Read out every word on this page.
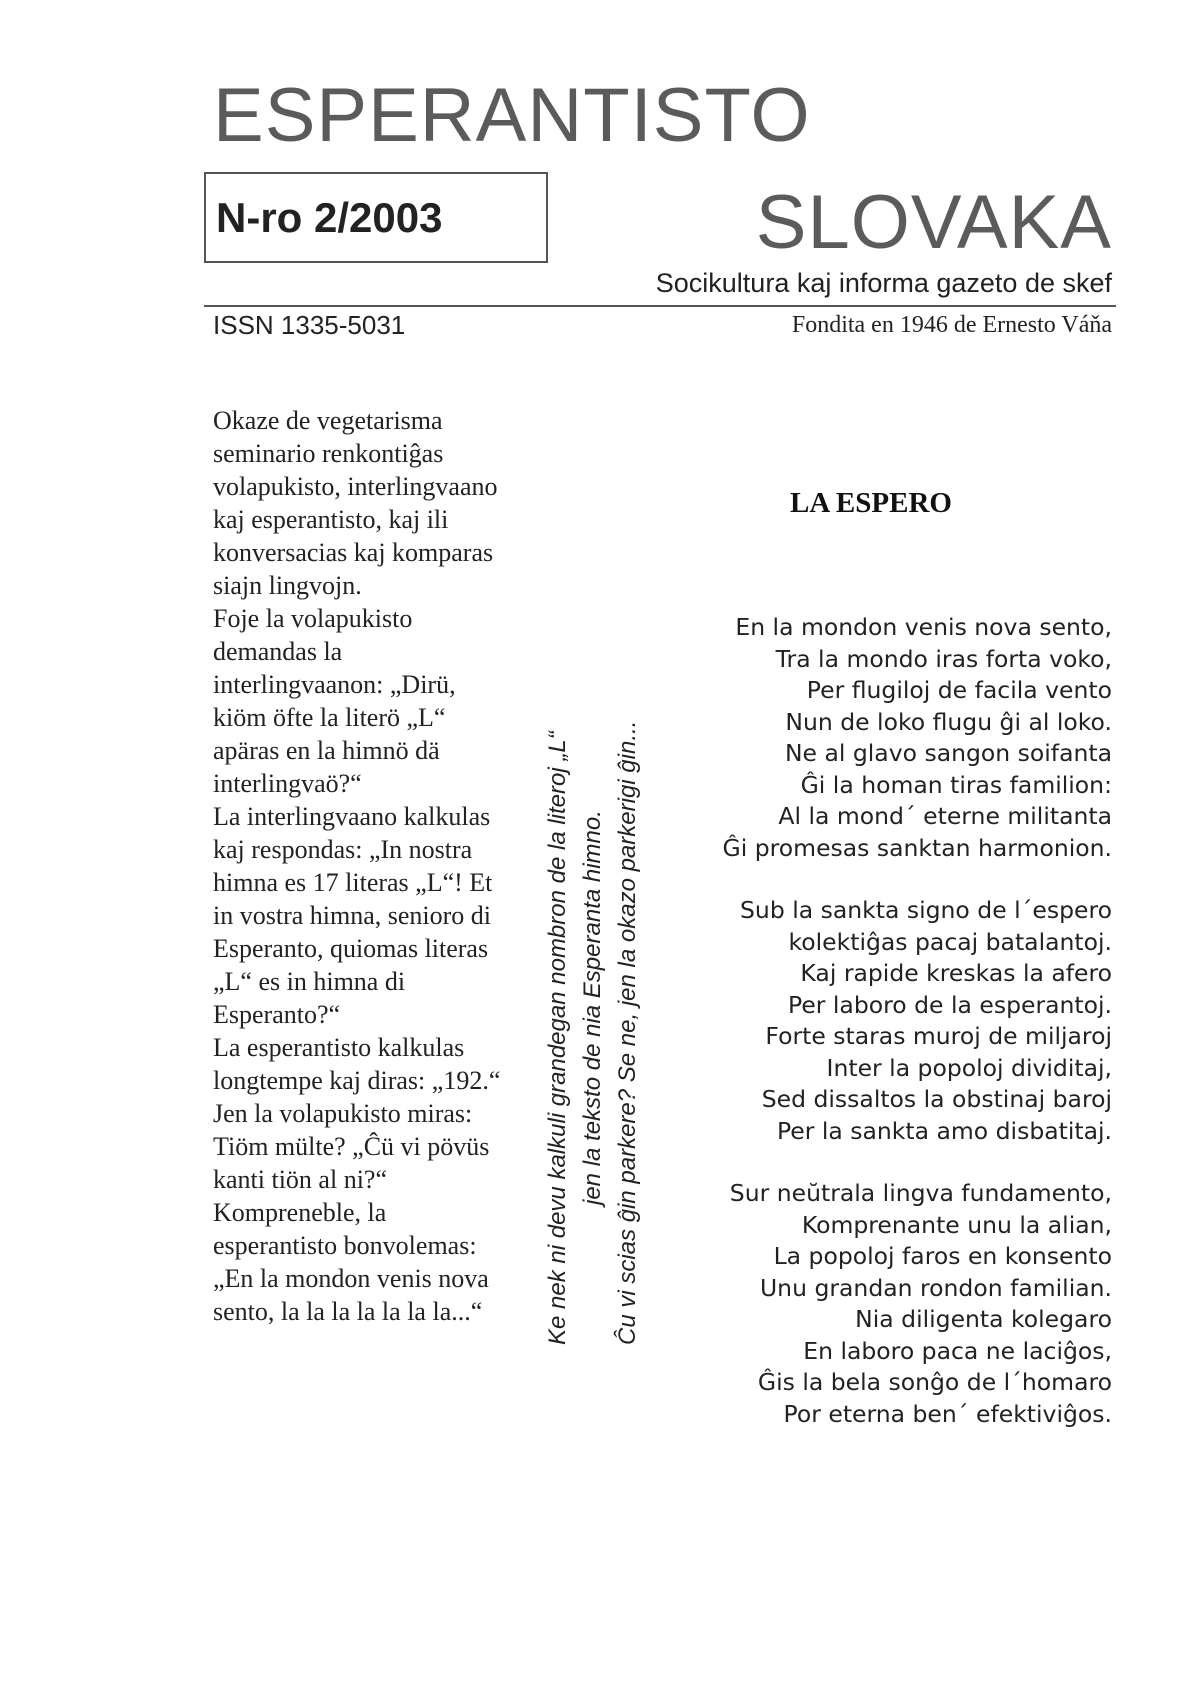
ESPERANTISTO
N-ro 2/2003	SLOVAKA
Socikultura kaj informa gazeto de skef
ISSN 1335-5031	Fondita en 1946 de Ernesto Váňa

Okaze de vegetarisma seminario renkontiĝas volapukisto, interlingvaano kaj esperantisto, kaj ili konversacias kaj komparas siajn lingvojn.

Foje la volapukisto demandas la interlingvaanon: „Dirü, kiöm öfte la literö „L“ apäras en la himnö dä interlingvaö?“

La interlingvaano kalkulas kaj respondas: „In nostra himna es 17 literas „L“! Et in vostra himna, senioro di Esperanto, quiomas literas „L“ es in himna di Esperanto?“

La esperantisto kalkulas longtempe kaj diras: „192.“

Jen la volapukisto miras: Tiöm mülte? „Ĉü vi pövüs kanti tiön al ni?“

Kompreneble, la esperantisto bonvolemas: „En la mondon venis nova sento, la la la la la la la...“	Ke nek ni devu kalkuli grandegan nombron de la literoj „L“ jen la teksto de nia Esperanta himno. Ĉu vi scias ĝin parkere? Se ne, jen la okazo parkerigi ĝin...
LA ESPERO
En la mondon venis nova sento,
Tra la mondo iras forta voko,
Per flugiloj de facila vento
Nun de loko flugu ĝi al loko.
Ne al glavo sangon soifanta
Ĝi la homan tiras familion:
Al la mond´ eterne militanta
Ĝi promesas sanktan harmonion.
Sub la sankta signo de l´espero
kolektiĝas pacaj batalantoj.
Kaj rapide kreskas la afero
Per laboro de la esperantoj.
Forte staras muroj de miljaroj
Inter la popoloj dividitaj,
Sed dissaltos la obstinaj baroj
Per la sankta amo disbatitaj.
Sur neŭtrala lingva fundamento,
Komprenante unu la alian,
La popoloj faros en konsento
Unu grandan rondon familian.
Nia diligenta kolegaro
En laboro paca ne laciĝos,
Ĝis la bela sonĝo de l´homaro
Por eterna ben´ efektiviĝos.
